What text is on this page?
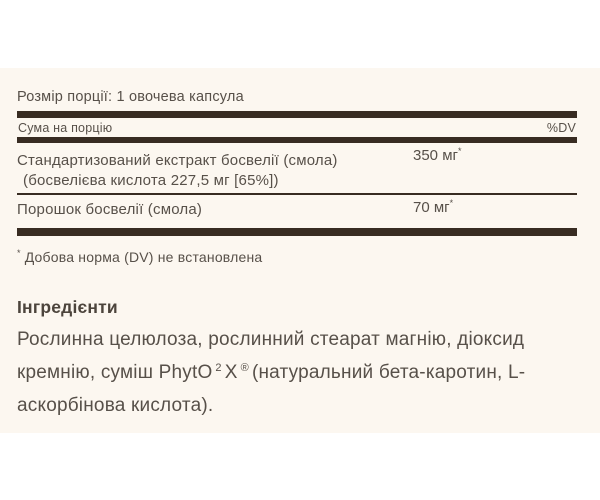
Розмір порції: 1 овочева капсула
Сума на порцію	%DV
Стандартизований екстракт босвелії (смола)
(босвелієва кислота 227,5 мг [65%])
350 мг*
Порошок босвелії (смола)	70 мг*
* Добова норма (DV) не встановлена
Інгредієнти
Рослинна целюлоза, рослинний стеарат магнію, діоксид кремнію, суміш PhytO $^2$ X ® (натуральний бета-каротин, L-аскорбінова кислота).
